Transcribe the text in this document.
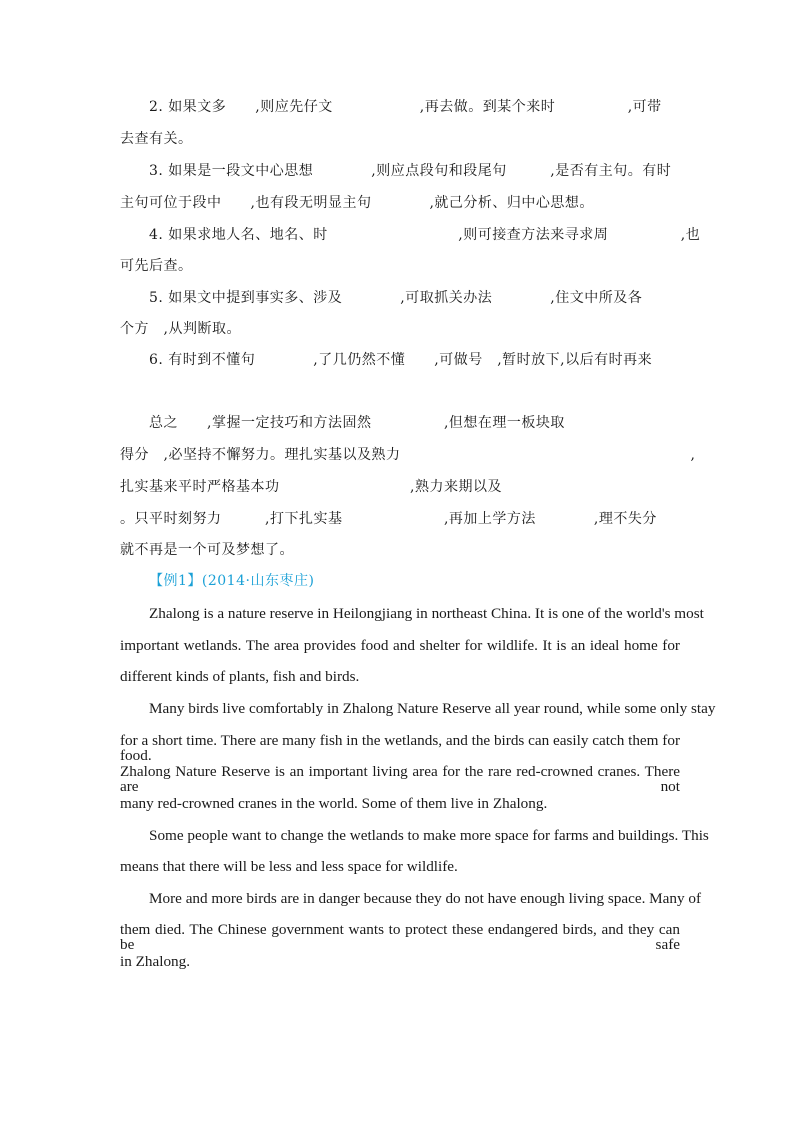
2. 如果文多　　,则应先仔文　　　　　　,再去做。到某个来时　　　　　,可带
去查有关。
3. 如果是一段文中心思想　　　　,则应点段句和段尾句　　　,是否有主句。有时
主句可位于段中　　,也有段无明显主句　　　　,就己分析、归中心思想。
4. 如果求地人名、地名、时　　　　　　　　　,则可接查方法来寻求周　　　　　,也
可先后查。
5. 如果文中提到事实多、涉及　　　　,可取抓关办法　　　　,住文中所及各
个方　,从判断取。
6. 有时到不懂句　　　　,了几仍然不懂　　,可做号　,暂时放下,以后有时再来
总之　　,掌握一定技巧和方法固然　　　　　,但想在理一板块取
得分　,必坚持不懈努力。理扎实基以及熟力　　　　　　　　　　　　　　　　　　　　,
扎实基来平时严格基本功　　　　　　　　　,熟力来期以及
。只平时刻努力　　　,打下扎实基　　　　　　　,再加上学方法　　　　,理不失分
就不再是一个可及梦想了。
【例1】(2014·山东枣庄)
Zhalong is a nature reserve in Heilongjiang in northeast China. It is one of the world's most
important wetlands. The area provides food and shelter for wildlife. It is an ideal home for
different kinds of plants, fish and birds.
Many birds live comfortably in Zhalong Nature Reserve all year round, while some only stay
for a short time. There are many fish in the wetlands, and the birds can easily catch them for food.
Zhalong Nature Reserve is an important living area for the rare red-crowned cranes. There are not
many red-crowned cranes in the world. Some of them live in Zhalong.
Some people want to change the wetlands to make more space for farms and buildings. This
means that there will be less and less space for wildlife.
More and more birds are in danger because they do not have enough living space. Many of
them died. The Chinese government wants to protect these endangered birds, and they can be safe
in Zhalong.
